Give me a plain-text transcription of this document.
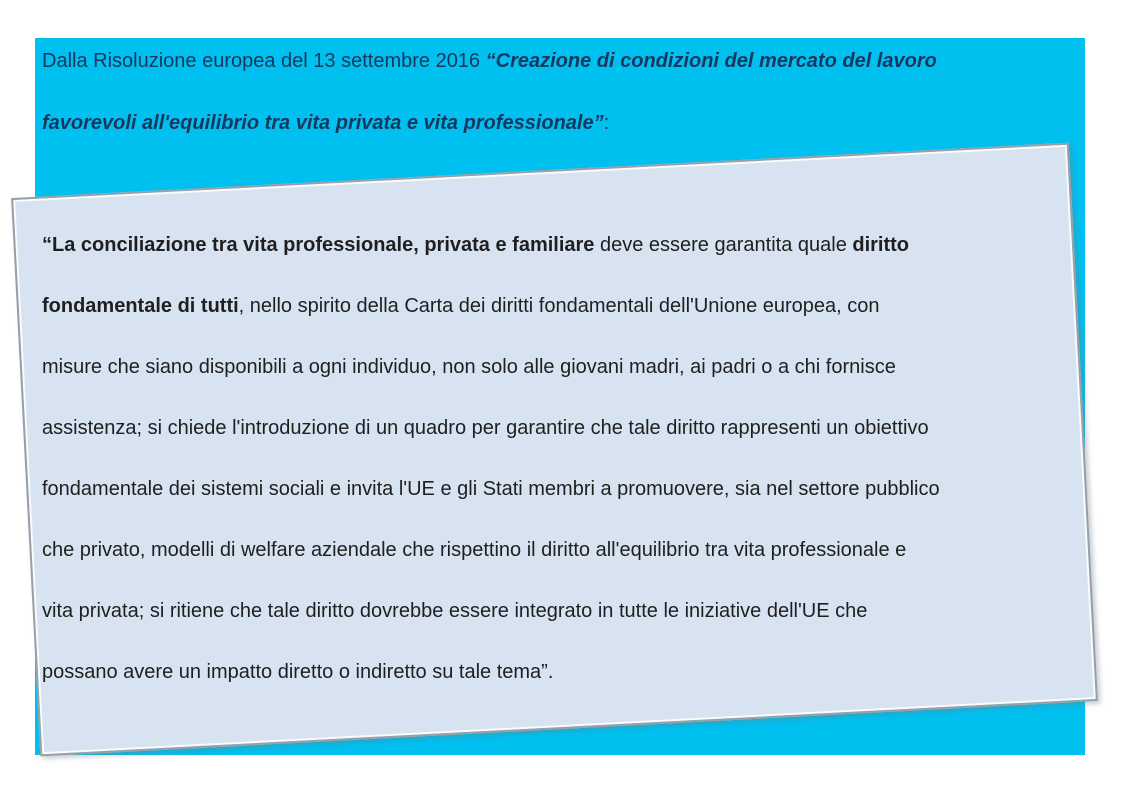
Dalla Risoluzione europea del 13 settembre 2016 “Creazione di condizioni del mercato del lavoro
favorevoli all'equilibrio tra vita privata e vita professionale”:
“La conciliazione tra vita professionale, privata e familiare deve essere garantita quale diritto
fondamentale di tutti, nello spirito della Carta dei diritti fondamentali dell'Unione europea, con
misure che siano disponibili a ogni individuo, non solo alle giovani madri, ai padri o a chi fornisce
assistenza; si chiede l'introduzione di un quadro per garantire che tale diritto rappresenti un obiettivo
fondamentale dei sistemi sociali e invita l'UE e gli Stati membri a promuovere, sia nel settore pubblico
che privato, modelli di welfare aziendale che rispettino il diritto all'equilibrio tra vita professionale e
vita privata; si ritiene che tale diritto dovrebbe essere integrato in tutte le iniziative dell'UE che
possano avere un impatto diretto o indiretto su tale tema”.
